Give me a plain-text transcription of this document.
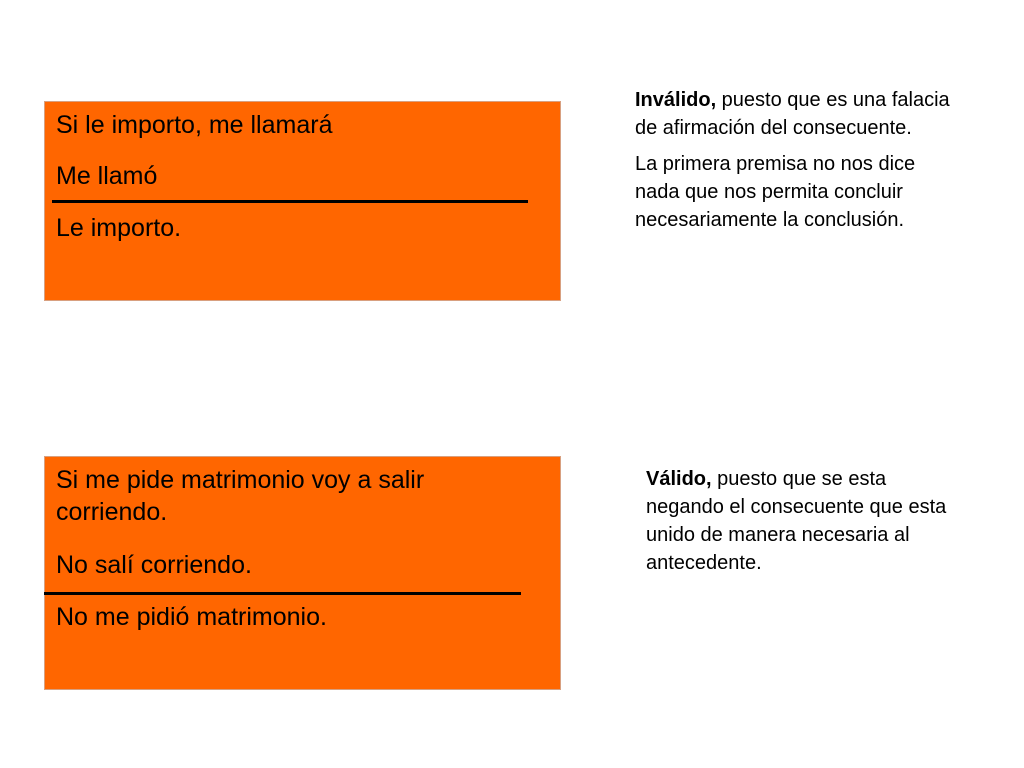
Si le importo, me llamará
Me llamó
Le importo.

Inválido, puesto que es una falacia de afirmación del consecuente.

La primera premisa no nos dice nada que nos permita concluir necesariamente la conclusión.

Si me pide matrimonio voy a salir corriendo.
No salí corriendo.
No me pidió matrimonio.

Válido, puesto que se esta negando el consecuente que esta unido de manera necesaria al antecedente.
